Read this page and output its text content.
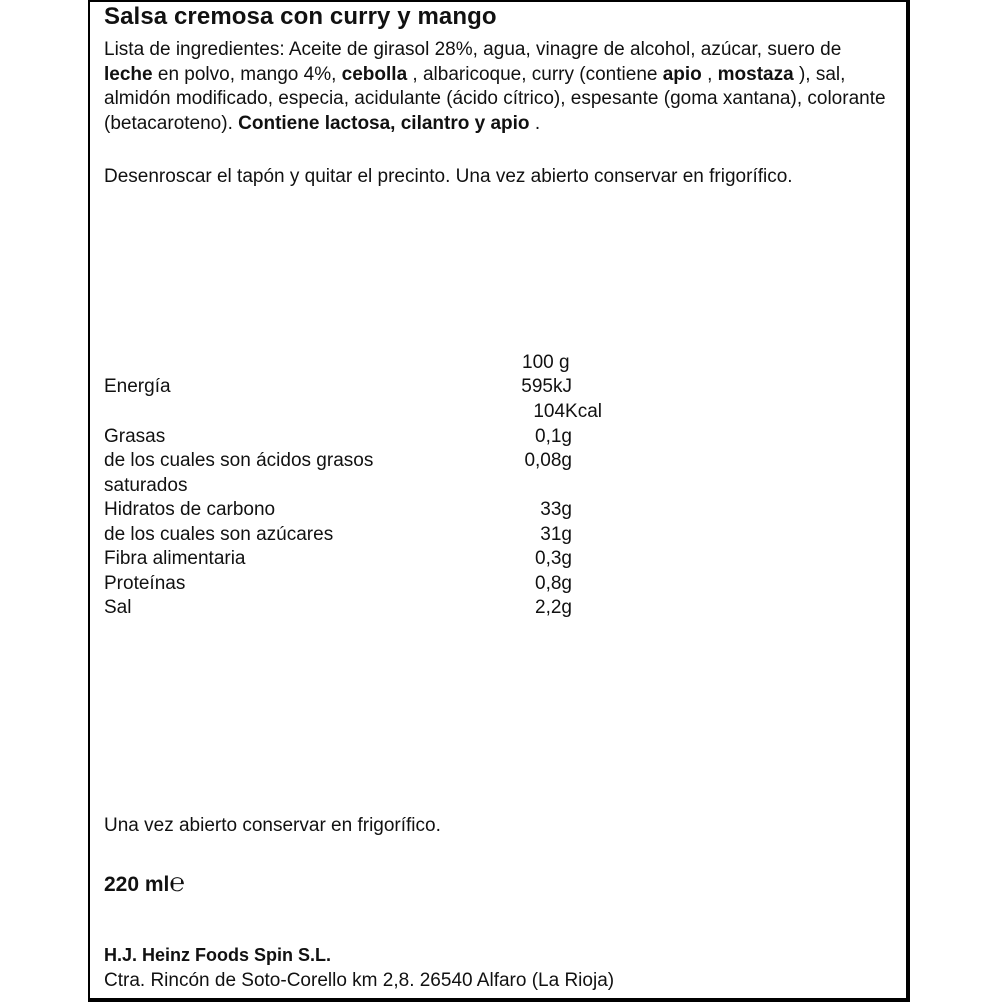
Salsa cremosa con curry y mango
Lista de ingredientes: Aceite de girasol 28%, agua, vinagre de alcohol, azúcar, suero de leche en polvo, mango 4%, cebolla , albaricoque, curry (contiene apio , mostaza ), sal, almidón modificado, especia, acidulante (ácido cítrico), espesante (goma xantana), colorante (betacaroteno). Contiene lactosa, cilantro y apio .
Desenroscar el tapón y quitar el precinto. Una vez abierto conservar en frigorífico.
100 g
Energía	595kJ
104Kcal
Grasas	0,1g
de los cuales son ácidos grasos	0,08g
saturados
Hidratos de carbono	33g
de los cuales son azúcares	31g
Fibra alimentaria	0,3g
Proteínas	0,8g
Sal	2,2g
Una vez abierto conservar en frigorífico.
220 ml℮
H.J. Heinz Foods Spin S.L.
Ctra. Rincón de Soto-Corello km 2,8. 26540 Alfaro (La Rioja)
